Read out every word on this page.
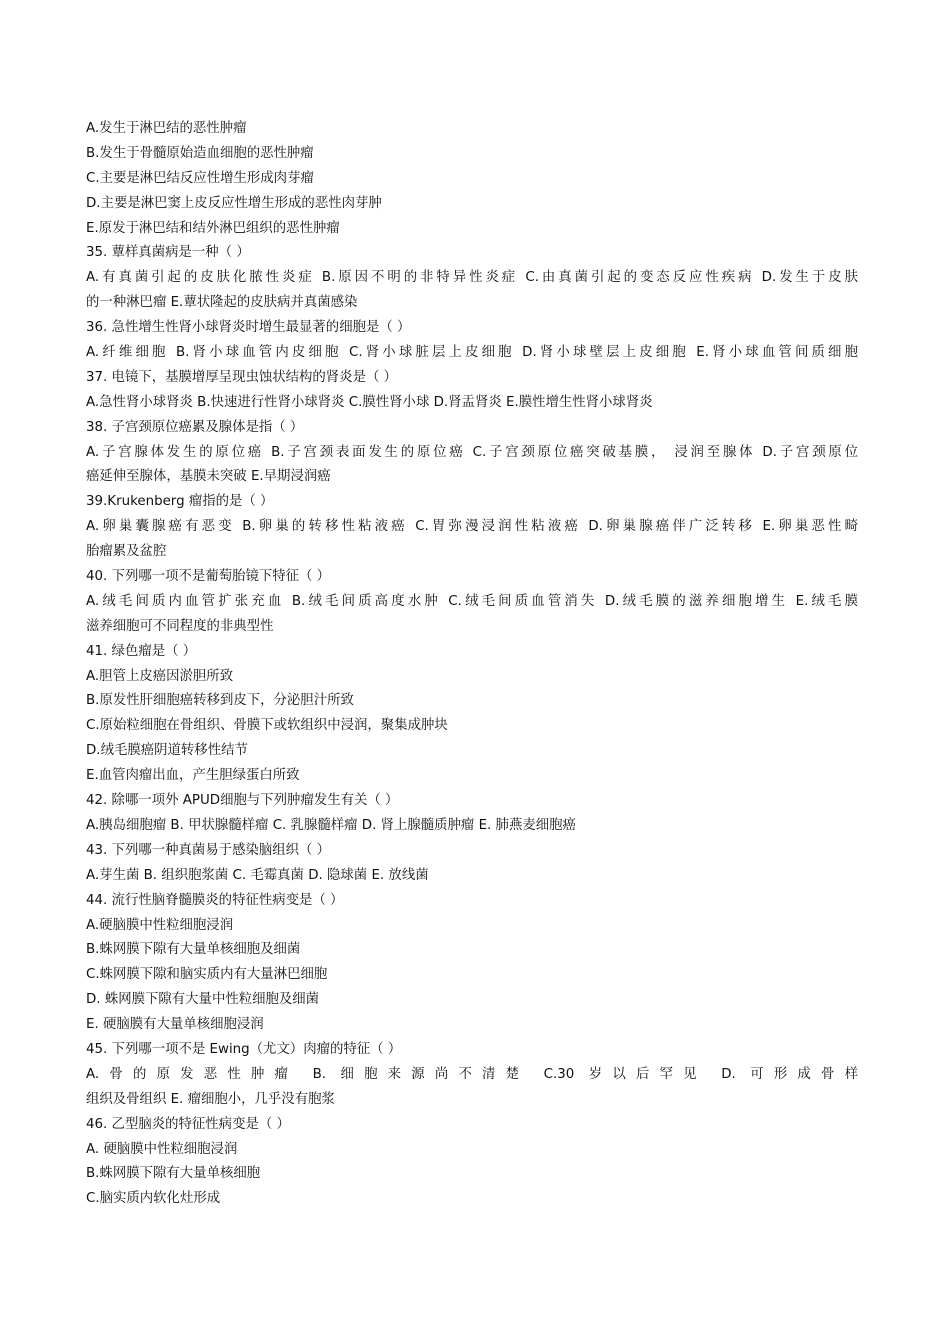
A.发生于淋巴结的恶性肿瘤
B.发生于骨髓原始造血细胞的恶性肿瘤
C.主要是淋巴结反应性增生形成肉芽瘤
D.主要是淋巴窦上皮反应性增生形成的恶性肉芽肿
E.原发于淋巴结和结外淋巴组织的恶性肿瘤
35. 蕈样真菌病是一种（ ）
A.有真菌引起的皮肤化脓性炎症 B.原因不明的非特异性炎症 C.由真菌引起的变态反应性疾病 D.发生于皮肤
的一种淋巴瘤 E.蕈状隆起的皮肤病并真菌感染
36. 急性增生性肾小球肾炎时增生最显著的细胞是（ ）
A.纤维细胞 B.肾小球血管内皮细胞 C.肾小球脏层上皮细胞 D.肾小球壁层上皮细胞 E.肾小球血管间质细胞
37. 电镜下，基膜增厚呈现虫蚀状结构的肾炎是（ ）
A.急性肾小球肾炎 B.快速进行性肾小球肾炎 C.膜性肾小球 D.肾盂肾炎 E.膜性增生性肾小球肾炎
38. 子宫颈原位癌累及腺体是指（ ）
A.子宫腺体发生的原位癌 B.子宫颈表面发生的原位癌 C.子宫颈原位癌突破基膜， 浸润至腺体 D.子宫颈原位
癌延伸至腺体，基膜未突破 E.早期浸润癌
39.Krukenberg 瘤指的是（ ）
A.卵巢囊腺癌有恶变 B.卵巢的转移性粘液癌 C.胃弥漫浸润性粘液癌 D.卵巢腺癌伴广泛转移 E.卵巢恶性畸
胎瘤累及盆腔
40. 下列哪一项不是葡萄胎镜下特征（ ）
A.绒毛间质内血管扩张充血 B.绒毛间质高度水肿 C.绒毛间质血管消失 D.绒毛膜的滋养细胞增生 E.绒毛膜
滋养细胞可不同程度的非典型性
41. 绿色瘤是（ ）
A.胆管上皮癌因淤胆所致
B.原发性肝细胞癌转移到皮下，分泌胆汁所致
C.原始粒细胞在骨组织、骨膜下或软组织中浸润，聚集成肿块
D.绒毛膜癌阴道转移性结节
E.血管肉瘤出血，产生胆绿蛋白所致
42. 除哪一项外 APUD细胞与下列肿瘤发生有关（ ）
A.胰岛细胞瘤 B. 甲状腺髓样瘤 C. 乳腺髓样瘤 D. 肾上腺髓质肿瘤 E. 肺燕麦细胞癌
43. 下列哪一种真菌易于感染脑组织（ ）
A.芽生菌 B. 组织胞浆菌 C. 毛霉真菌 D. 隐球菌 E. 放线菌
44. 流行性脑脊髓膜炎的特征性病变是（ ）
A.硬脑膜中性粒细胞浸润
B.蛛网膜下隙有大量单核细胞及细菌
C.蛛网膜下隙和脑实质内有大量淋巴细胞
D. 蛛网膜下隙有大量中性粒细胞及细菌
E. 硬脑膜有大量单核细胞浸润
45. 下列哪一项不是 Ewing（尤文）肉瘤的特征（ ）
A.骨的原发恶性肿瘤 B. 细胞来源尚不清楚 C.30 岁以后罕见 D. 可形成骨样
组织及骨组织 E. 瘤细胞小，几乎没有胞浆
46. 乙型脑炎的特征性病变是（ ）
A. 硬脑膜中性粒细胞浸润
B.蛛网膜下隙有大量单核细胞
C.脑实质内软化灶形成
